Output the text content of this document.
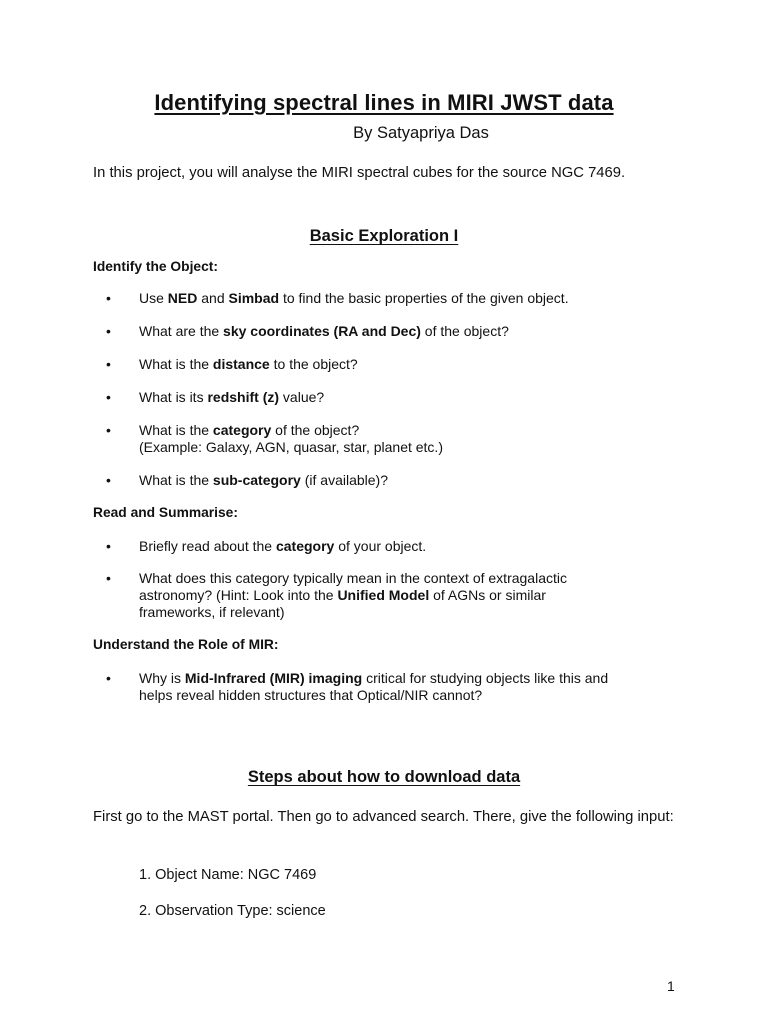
Identifying spectral lines in MIRI JWST data
By Satyapriya Das
In this project, you will analyse the MIRI spectral cubes for the source NGC 7469.
Basic Exploration I
Identify the Object:
• Use NED and Simbad to find the basic properties of the given object.
• What are the sky coordinates (RA and Dec) of the object?
• What is the distance to the object?
• What is its redshift (z) value?
• What is the category of the object?
(Example: Galaxy, AGN, quasar, star, planet etc.)
• What is the sub-category (if available)?
Read and Summarise:
• Briefly read about the category of your object.
• What does this category typically mean in the context of extragalactic
astronomy? (Hint: Look into the Unified Model of AGNs or similar
frameworks, if relevant)
Understand the Role of MIR:
• Why is Mid-Infrared (MIR) imaging critical for studying objects like this and
helps reveal hidden structures that Optical/NIR cannot?
Steps about how to download data
First go to the MAST portal. Then go to advanced search. There, give the following input:
1. Object Name: NGC 7469
2. Observation Type: science
1
